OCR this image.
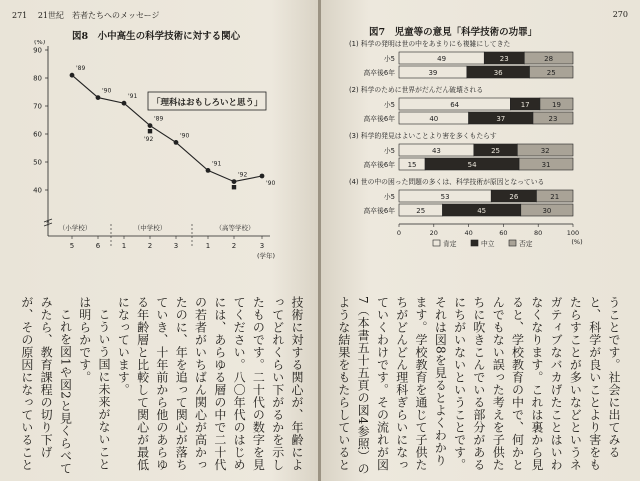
271 21世紀　若者たちへのメッセージ
図8　小中高生の科学技術に対する関心
「理科はおもしろいと思う」
(%)
40
50
60
70
80
90
（小学校）	（中学校）	（高等学校）
↑
5	6	1	2	3	1	2	3
(学年)
'89
'90
'91
'89
'90
'91
'92
'90
'92

技術に対する関心が、年齢によってどれくらい下がるかを示したものです。二十代の数字を見てください。八〇年代のはじめには、あらゆる層の中で二十代の若者がいちばん関心が高かったのに、年を追って関心が落ちていき、十年前から他のあらゆる年齢層と比較して関心が最低になっています。

こういう国に未来がないことは明らかです。

これを図1や図2と見くらべてみたら、教育課程の切り下げが、その原因になっていること

270
図7　児童等の意見「科学技術の功罪」
(1) 科学の発明は世の中をあまりにも複雑にしてきた
小5	49	23	28
高卒後6年	39	36	25
(2) 科学のために世界がだんだん破壊される
小5	64	17	19
高卒後6年	40	37	23
(3) 科学的発見はよいことより害を多くもたらす
小5	43	25	32
高卒後6年 15	54	31
(4) 世の中の困った問題の多くは、科学技術が原因となっている
小5	53	26	21
高卒後6年	25	45	30
0	20	40	60	80	100
(%)
肯定	中立	否定

うことです。社会に出てみると、科学が良いことより害をもたらすことが多いなどというネガティブなバカげたことはいわなくなります。これは裏から見ると、学校教育の中で、何かとんでもない誤った考えを子供たちに吹きこんでいる部分があるにちがいないということです。それは図8を見るとよくわかります。学校教育を通じて子供たちがどんどん理科ぎらいになっていくわけです。その流れが図7（本書五十五頁の図4参照）のような結果をもたらしていると
